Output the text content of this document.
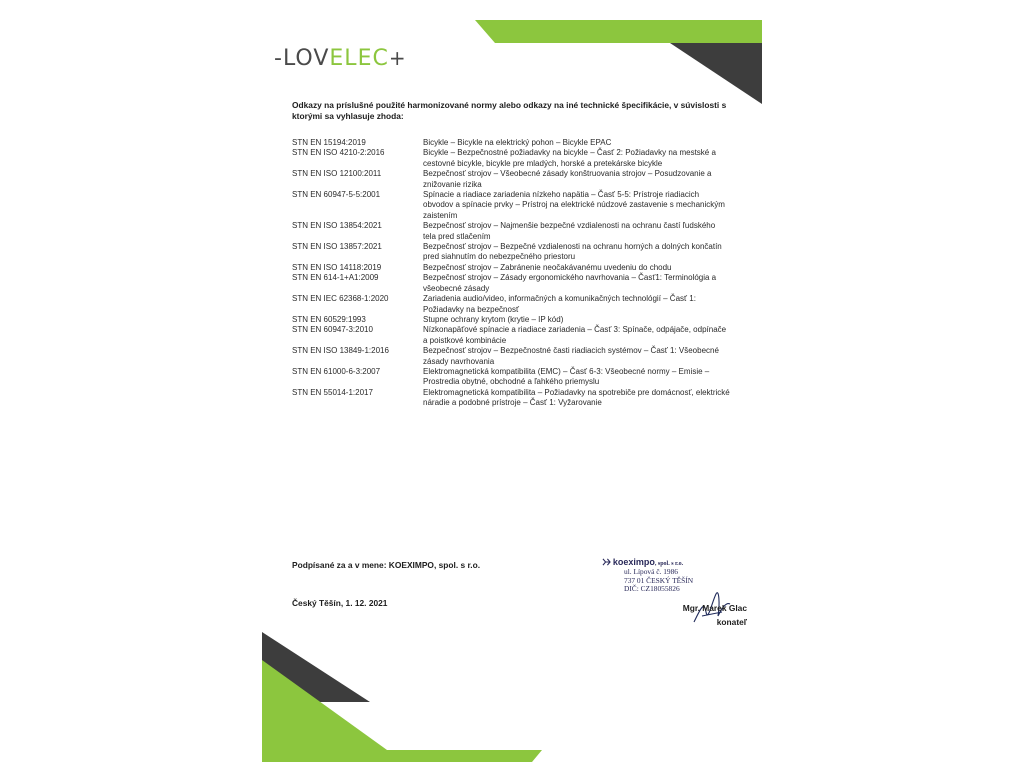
-LOVELEC+
Odkazy na príslušné použité harmonizované normy alebo odkazy na iné technické špecifikácie, v súvislosti s ktorými sa vyhlasuje zhoda:
STN EN 15194:2019	Bicykle – Bicykle na elektrický pohon – Bicykle EPAC
STN EN ISO 4210-2:2016	Bicykle – Bezpečnostné požiadavky na bicykle – Časť 2: Požiadavky na mestské a cestovné bicykle, bicykle pre mladých, horské a pretekárske bicykle
STN EN ISO 12100:2011	Bezpečnosť strojov – Všeobecné zásady konštruovania strojov – Posudzovanie a znižovanie rizika
STN EN 60947-5-5:2001	Spínacie a riadiace zariadenia nízkeho napätia – Časť 5-5: Prístroje riadiacich obvodov a spínacie prvky – Prístroj na elektrické núdzové zastavenie s mechanickým zaistením
STN EN ISO 13854:2021	Bezpečnosť strojov – Najmenšie bezpečné vzdialenosti na ochranu častí ľudského tela pred stlačením
STN EN ISO 13857:2021	Bezpečnosť strojov – Bezpečné vzdialenosti na ochranu horných a dolných končatín pred siahnutím do nebezpečného priestoru
STN EN ISO 14118:2019	Bezpečnosť strojov – Zabránenie neočakávanému uvedeniu do chodu
STN EN 614-1+A1:2009	Bezpečnosť strojov – Zásady ergonomického navrhovania – Časť1: Terminológia a všeobecné zásady
STN EN IEC 62368-1:2020	Zariadenia audio/video, informačných a komunikačných technológií – Časť 1: Požiadavky na bezpečnosť
STN EN 60529:1993	Stupne ochrany krytom (krytie – IP kód)
STN EN 60947-3:2010	Nízkonapäťové spínacie a riadiace zariadenia – Časť 3: Spínače, odpájače, odpínače a poistkové kombinácie
STN EN ISO 13849-1:2016	Bezpečnosť strojov – Bezpečnostné časti riadiacich systémov – Časť 1: Všeobecné zásady navrhovania
STN EN 61000-6-3:2007	Elektromagnetická kompatibilita (EMC) – Časť 6-3: Všeobecné normy – Emisie – Prostredia obytné, obchodné a ľahkého priemyslu
STN EN 55014-1:2017	Elektromagnetická kompatibilita – Požiadavky na spotrebiče pre domácnosť, elektrické náradie a podobné prístroje – Časť 1: Vyžarovanie
Podpísané za a v mene: KOEXIMPO, spol. s r.o.
Český Těšín, 1. 12. 2021
koeximpo, spol. s r.o.
ul. Lípová č. 1986
737 01 ČESKÝ TĚŠÍN
DIČ: CZ18055826
Mgr. Marek Glac
konateľ
